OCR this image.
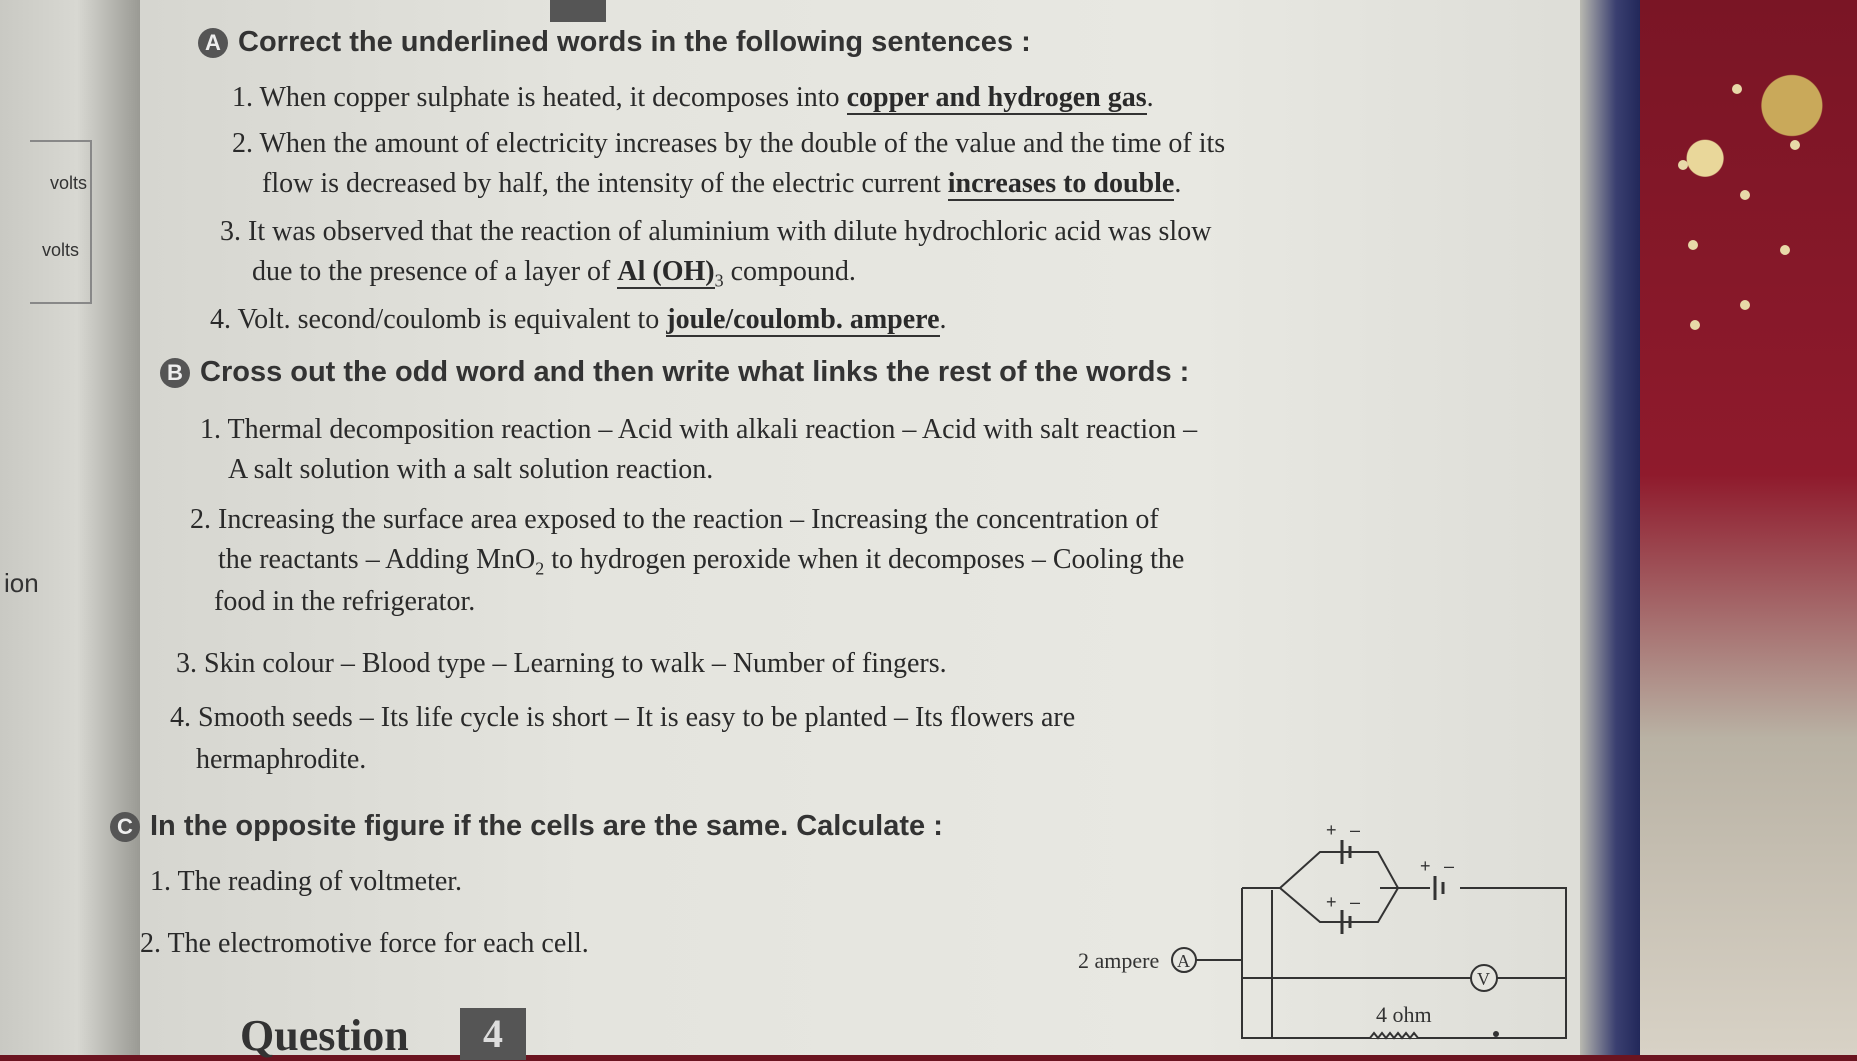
volts
volts
ion
A Correct the underlined words in the following sentences :
1. When copper sulphate is heated, it decomposes into copper and hydrogen gas.
2. When the amount of electricity increases by the double of the value and the time of its
flow is decreased by half, the intensity of the electric current increases to double.
3. It was observed that the reaction of aluminium with dilute hydrochloric acid was slow
due to the presence of a layer of Al $(OH)_3$ compound.
4. Volt. second/coulomb is equivalent to joule/coulomb. ampere.
B Cross out the odd word and then write what links the rest of the words :
1. Thermal decomposition reaction – Acid with alkali reaction – Acid with salt reaction –
A salt solution with a salt solution reaction.
2. Increasing the surface area exposed to the reaction – Increasing the concentration of
the reactants – Adding MnO$_2$ to hydrogen peroxide when it decomposes – Cooling the
food in the refrigerator.
3. Skin colour – Blood type – Learning to walk – Number of fingers.
4. Smooth seeds – Its life cycle is short – It is easy to be planted – Its flowers are
hermaphrodite.
C In the opposite figure if the cells are the same. Calculate :
1. The reading of voltmeter.
2. The electromotive force for each cell.
+ –
+ –
+ –
A
2 ampere
V
4 ohm
Question	4
